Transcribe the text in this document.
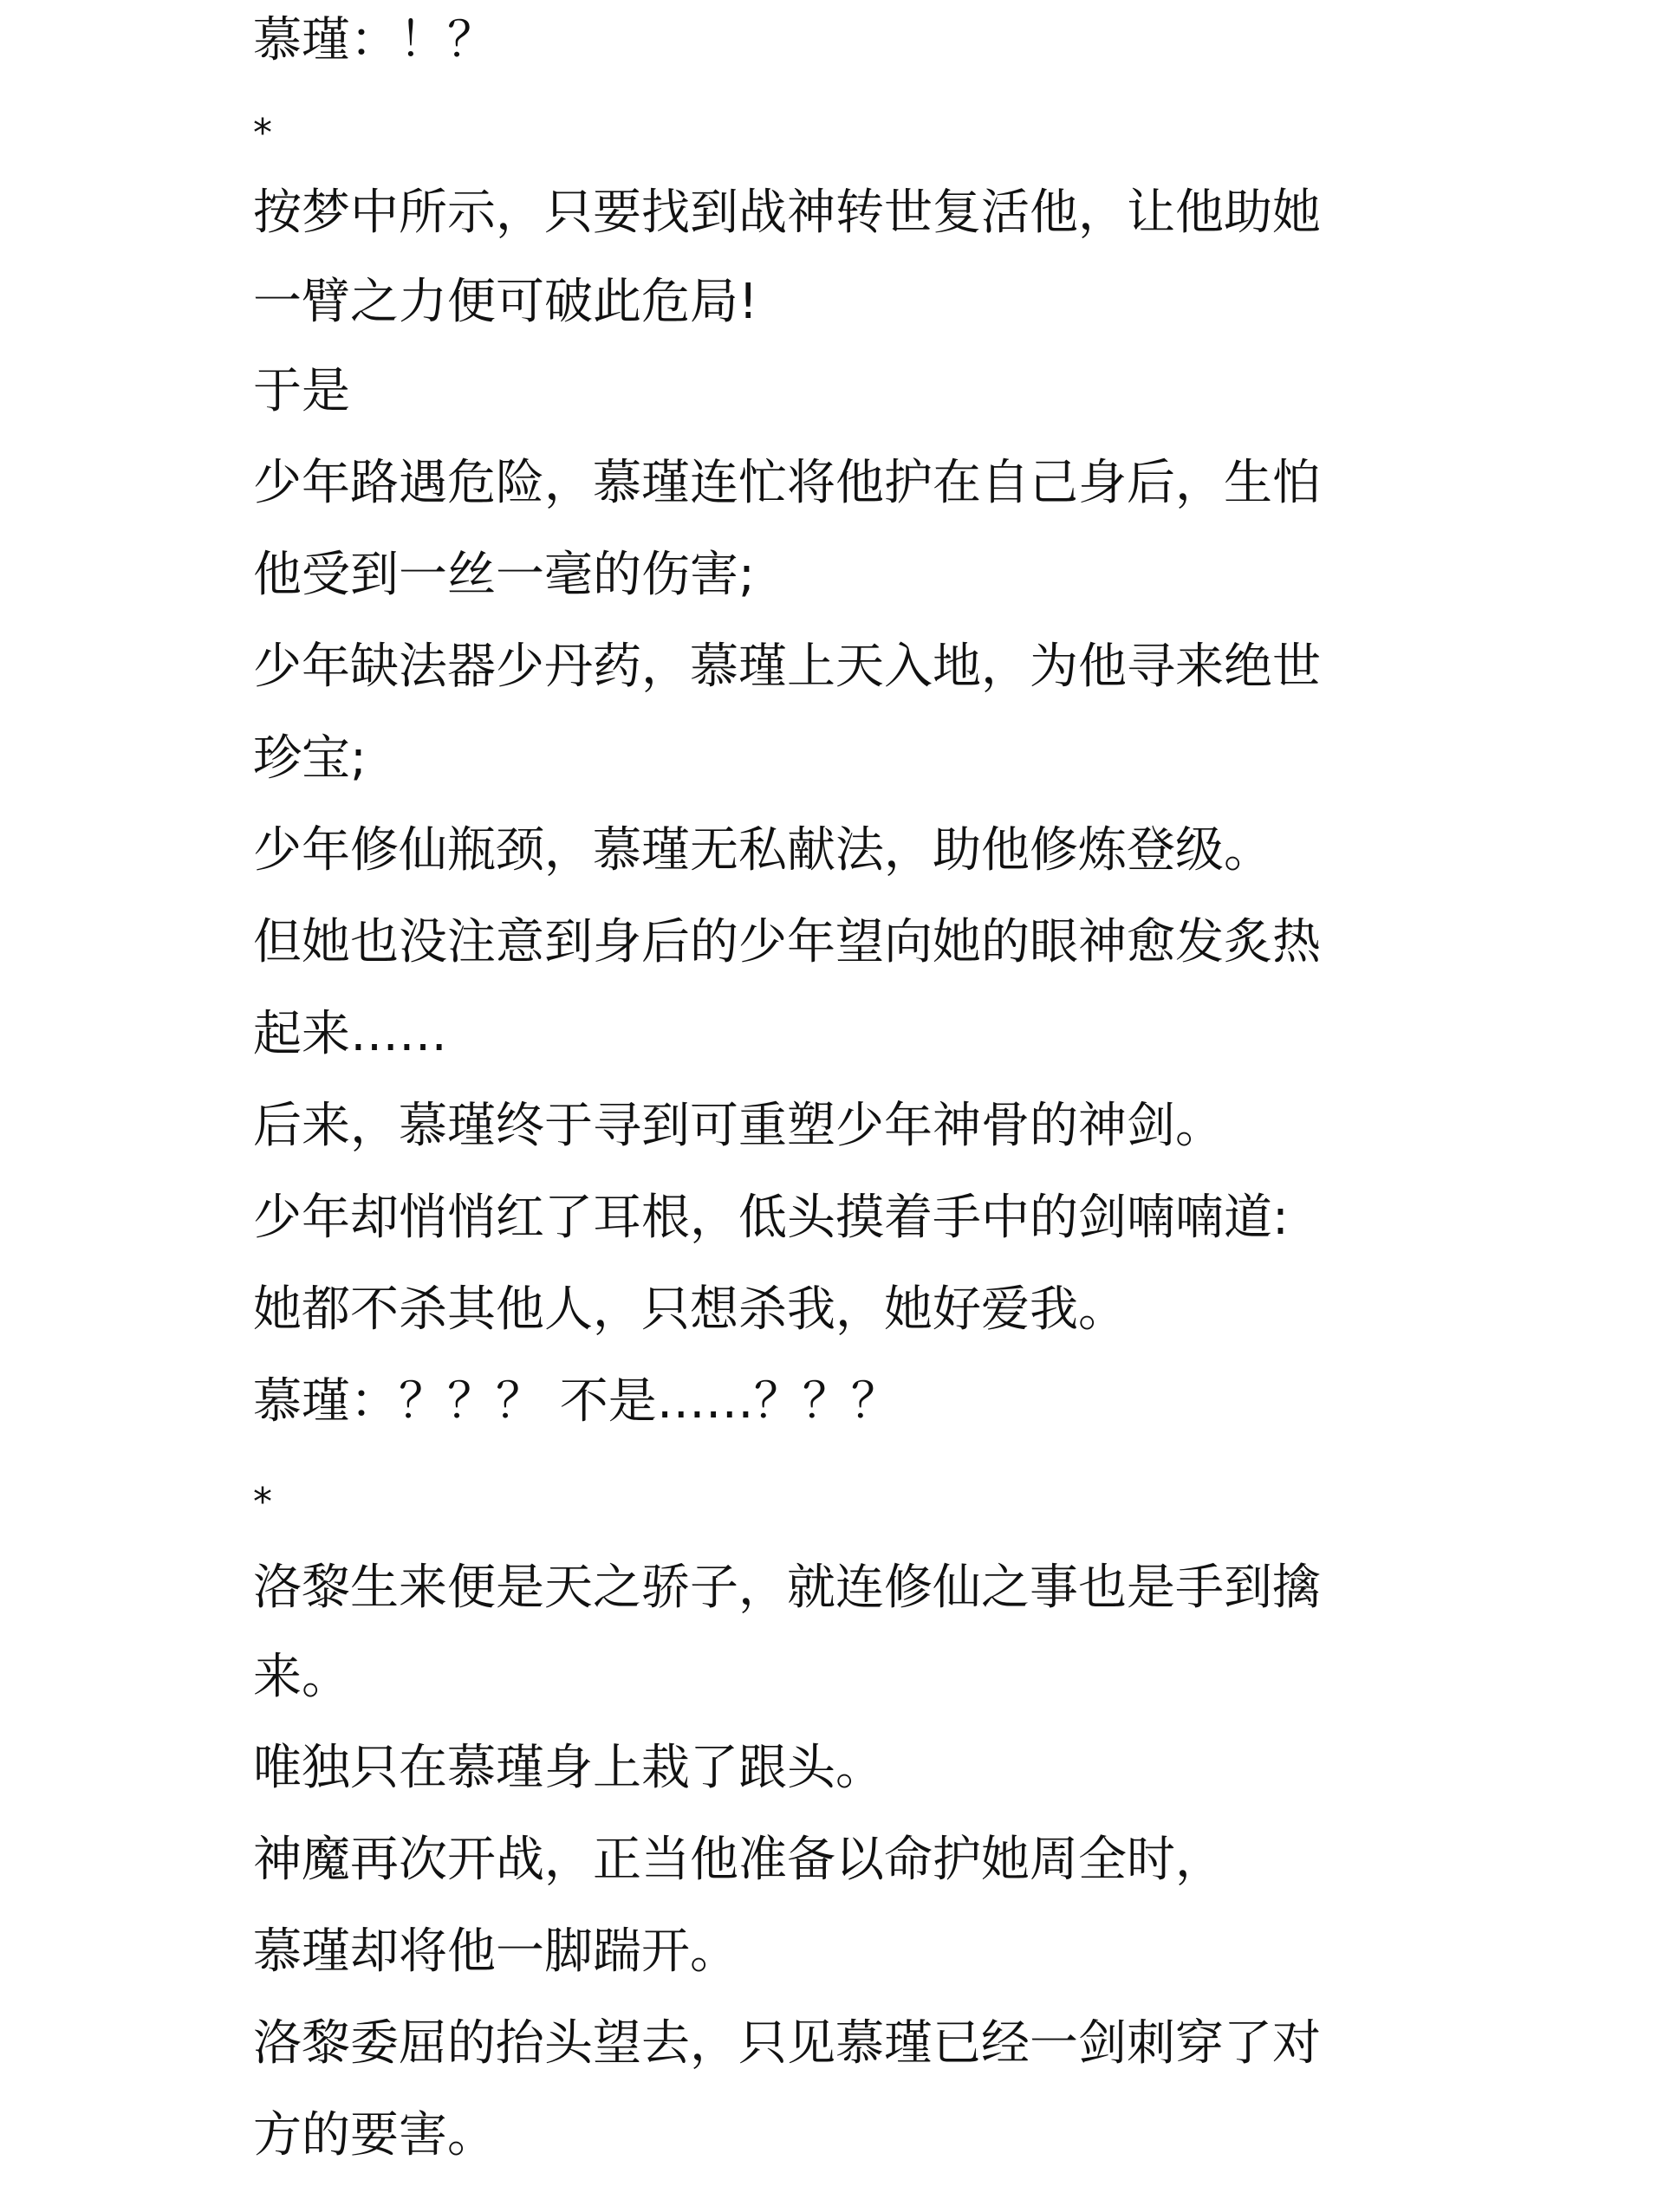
慕瑾：！？
*
按梦中所示，只要找到战神转世复活他，让他助她
一臂之力便可破此危局!
于是
少年路遇危险，慕瑾连忙将他护在自己身后，生怕
他受到一丝一毫的伤害;
少年缺法器少丹药，慕瑾上天入地，为他寻来绝世
珍宝;
少年修仙瓶颈，慕瑾无私献法，助他修炼登级。
但她也没注意到身后的少年望向她的眼神愈发炙热
起来……
后来，慕瑾终于寻到可重塑少年神骨的神剑。
少年却悄悄红了耳根，低头摸着手中的剑喃喃道:
她都不杀其他人，只想杀我，她好爱我。
慕瑾：？？？ 不是……？？？
*
洛黎生来便是天之骄子，就连修仙之事也是手到擒
来。
唯独只在慕瑾身上栽了跟头。
神魔再次开战，正当他准备以命护她周全时，
慕瑾却将他一脚踹开。
洛黎委屈的抬头望去，只见慕瑾已经一剑刺穿了对
方的要害。
